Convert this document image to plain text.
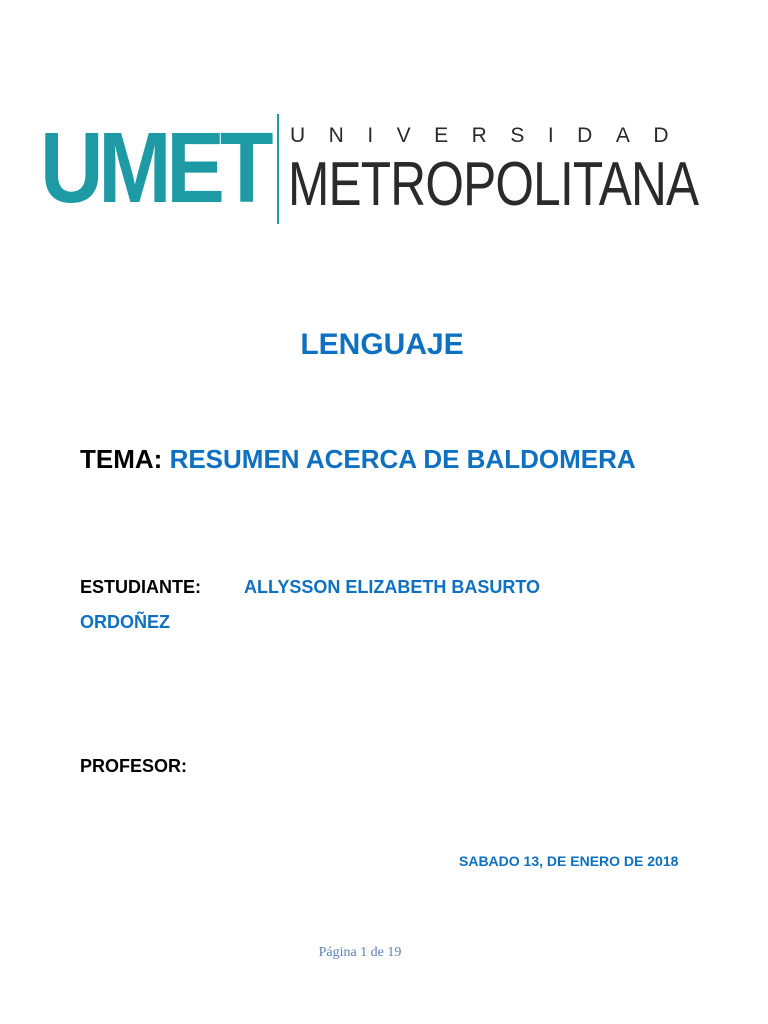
UMET UNIVERSIDAD
METROPOLITANA
LENGUAJE
TEMA: RESUMEN ACERCA DE BALDOMERA
ESTUDIANTE: ALLYSSON ELIZABETH BASURTO
ORDOÑEZ
PROFESOR:
SABADO 13, DE ENERO DE 2018
Página 1 de 19
